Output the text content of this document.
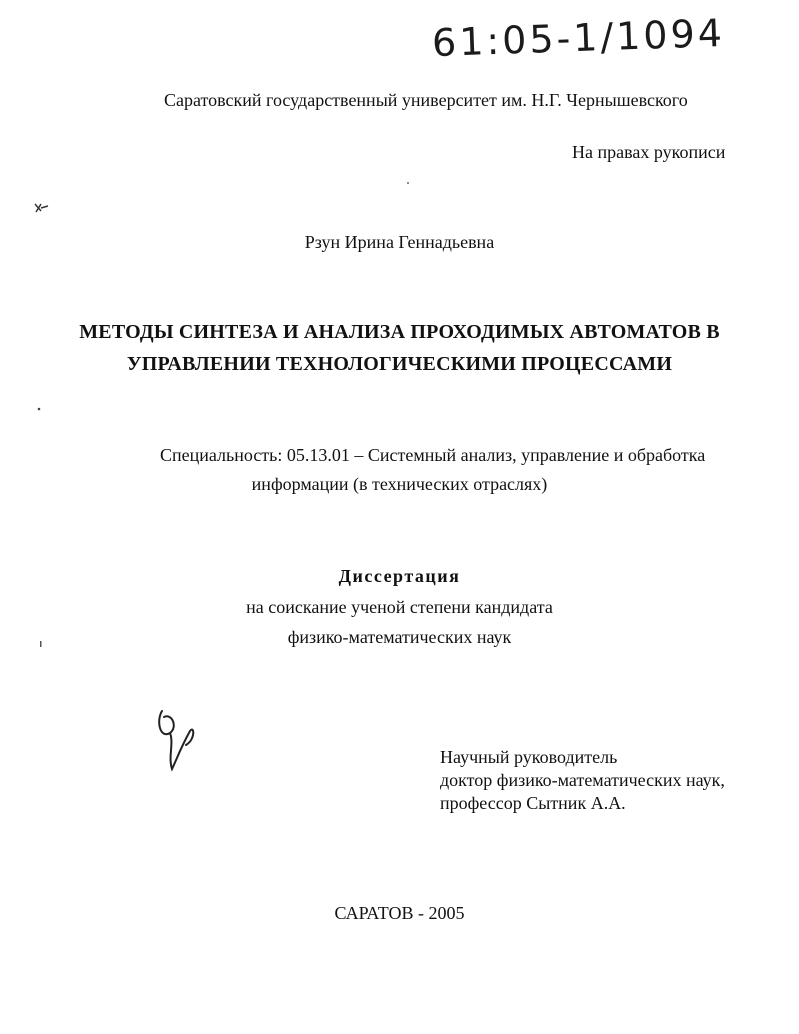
61:05-1/1094
Саратовский государственный университет им. Н.Г. Чернышевского
На правах рукописи
Рзун Ирина Геннадьевна
МЕТОДЫ СИНТЕЗА И АНАЛИЗА ПРОХОДИМЫХ АВТОМАТОВ В
УПРАВЛЕНИИ ТЕХНОЛОГИЧЕСКИМИ ПРОЦЕССАМИ
Специальность: 05.13.01 – Системный анализ, управление и обработка
информации (в технических отраслях)
Диссертация
на соискание ученой степени кандидата
физико-математических наук
Научный руководитель
доктор физико-математических наук,
профессор Сытник А.А.
САРАТОВ - 2005
